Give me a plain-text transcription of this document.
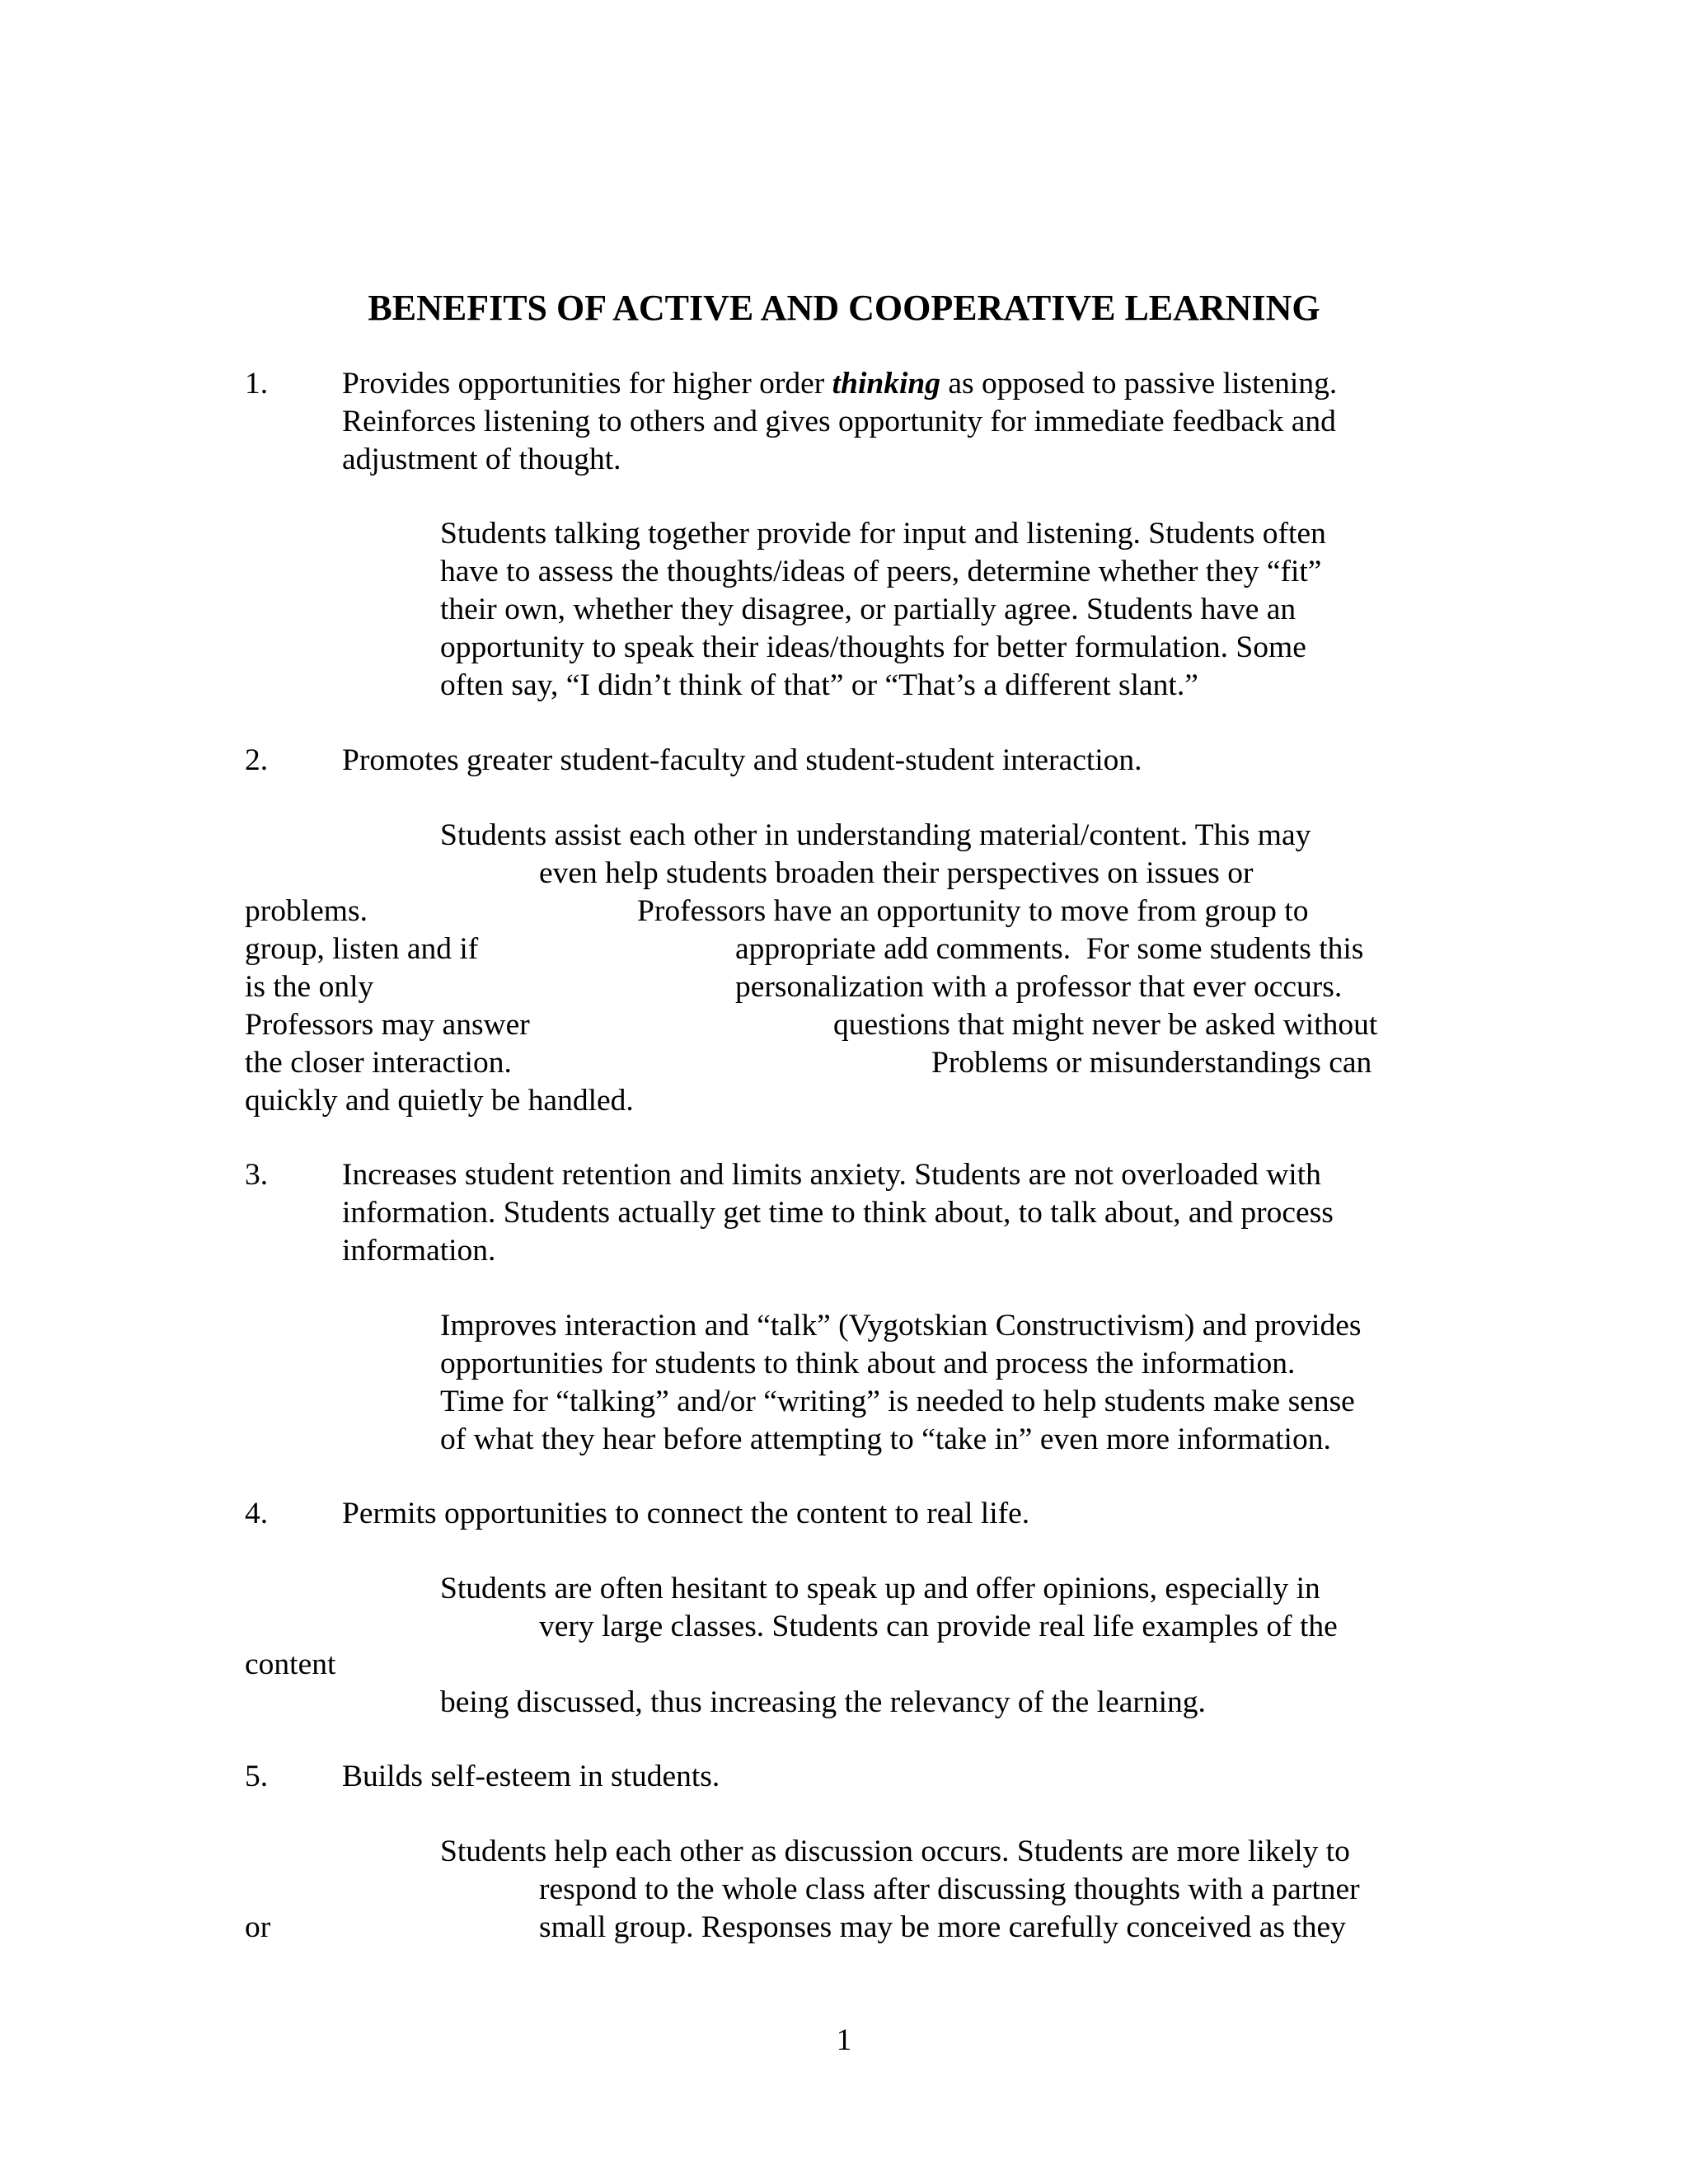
BENEFITS OF ACTIVE AND COOPERATIVE LEARNING
1. Provides opportunities for higher order thinking as opposed to passive listening.
Reinforces listening to others and gives opportunity for immediate feedback and
adjustment of thought.
Students talking together provide for input and listening. Students often
have to assess the thoughts/ideas of peers, determine whether they “fit”
their own, whether they disagree, or partially agree. Students have an
opportunity to speak their ideas/thoughts for better formulation. Some
often say, “I didn’t think of that” or “That’s a different slant.”
2. Promotes greater student-faculty and student-student interaction.
Students assist each other in understanding material/content. This may
even help students broaden their perspectives on issues or
problems.	Professors have an opportunity to move from group to
group, listen and if	appropriate add comments.  For some students this
is the only	personalization with a professor that ever occurs.
Professors may answer	questions that might never be asked without
the closer interaction.	Problems or misunderstandings can
quickly and quietly be handled.
3. Increases student retention and limits anxiety. Students are not overloaded with
information. Students actually get time to think about, to talk about, and process
information.
Improves interaction and “talk” (Vygotskian Constructivism) and provides
opportunities for students to think about and process the information.
Time for “talking” and/or “writing” is needed to help students make sense
of what they hear before attempting to “take in” even more information.
4. Permits opportunities to connect the content to real life.
Students are often hesitant to speak up and offer opinions, especially in
very large classes. Students can provide real life examples of the
content
being discussed, thus increasing the relevancy of the learning.
5. Builds self-esteem in students.
Students help each other as discussion occurs. Students are more likely to
respond to the whole class after discussing thoughts with a partner
or	small group. Responses may be more carefully conceived as they
1
